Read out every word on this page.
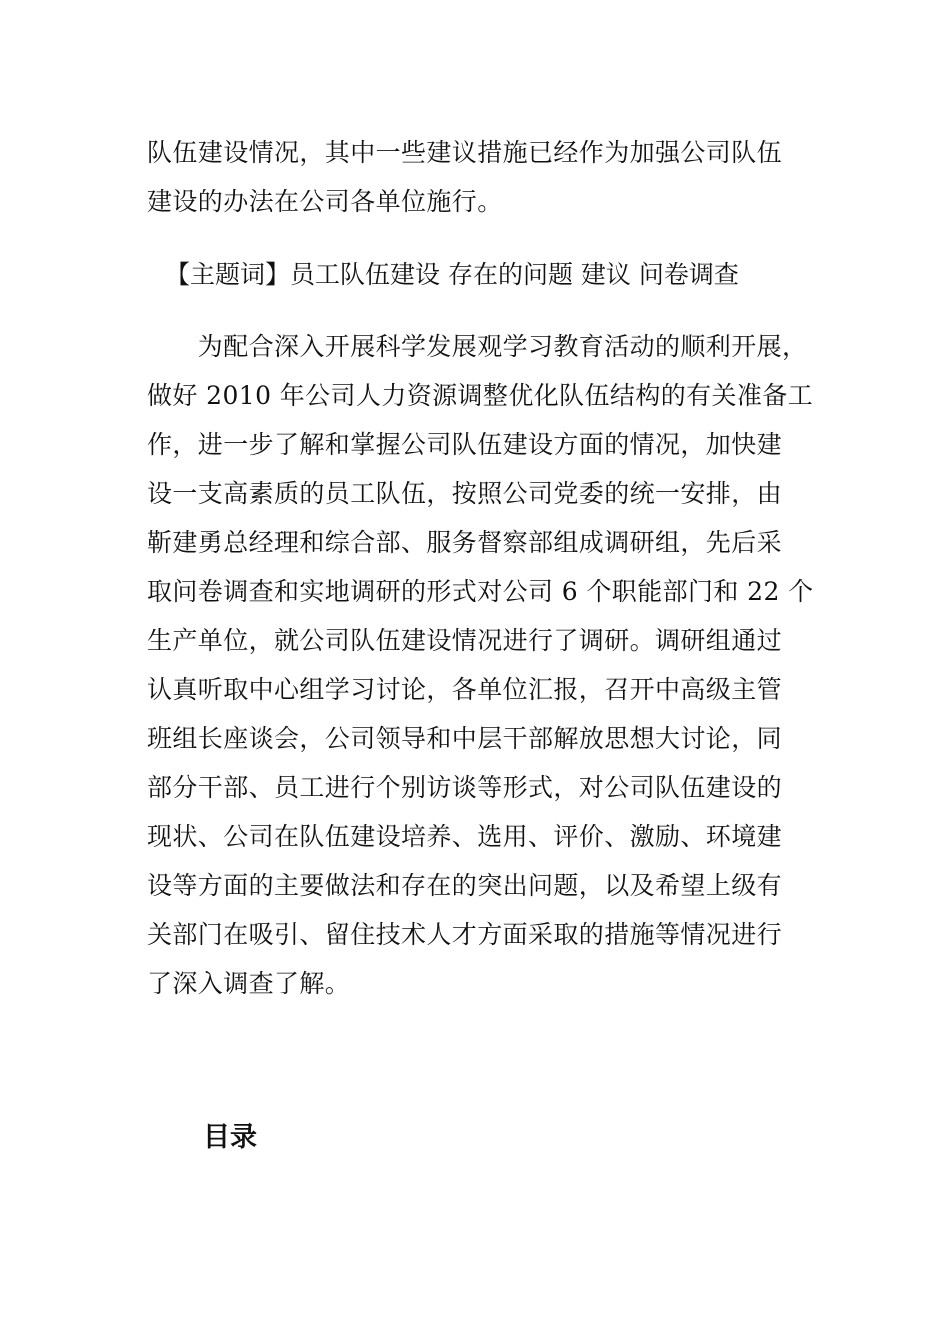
队伍建设情况，其中一些建议措施已经作为加强公司队伍
建设的办法在公司各单位施行。
【主题词】员工队伍建设 存在的问题 建议 问卷调查
　　为配合深入开展科学发展观学习教育活动的顺利开展，
做好 2010 年公司人力资源调整优化队伍结构的有关准备工
作，进一步了解和掌握公司队伍建设方面的情况，加快建
设一支高素质的员工队伍，按照公司党委的统一安排，由
靳建勇总经理和综合部、服务督察部组成调研组，先后采
取问卷调查和实地调研的形式对公司 6 个职能部门和 22 个
生产单位，就公司队伍建设情况进行了调研。调研组通过
认真听取中心组学习讨论，各单位汇报，召开中高级主管
班组长座谈会，公司领导和中层干部解放思想大讨论，同
部分干部、员工进行个别访谈等形式，对公司队伍建设的
现状、公司在队伍建设培养、选用、评价、激励、环境建
设等方面的主要做法和存在的突出问题，以及希望上级有
关部门在吸引、留住技术人才方面采取的措施等情况进行
了深入调查了解。
目录
